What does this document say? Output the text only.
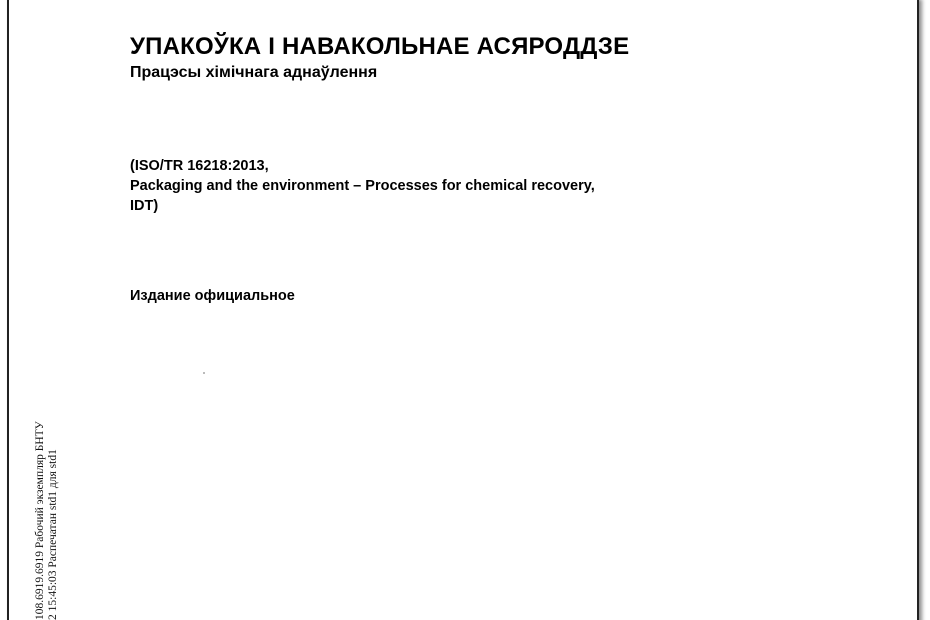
УПАКОЎКА І НАВАКОЛЬНАЕ АСЯРОДДЗЕ
Працэсы хімічнага аднаўлення
(ISO/TR 16218:2013,
Packaging and the environment – Processes for chemical recovery,
IDT)
Издание официальное
108.6919.6919 Рабочий экземпляр БНТУ 2 15:45:03 Распечатан std1 для std1
